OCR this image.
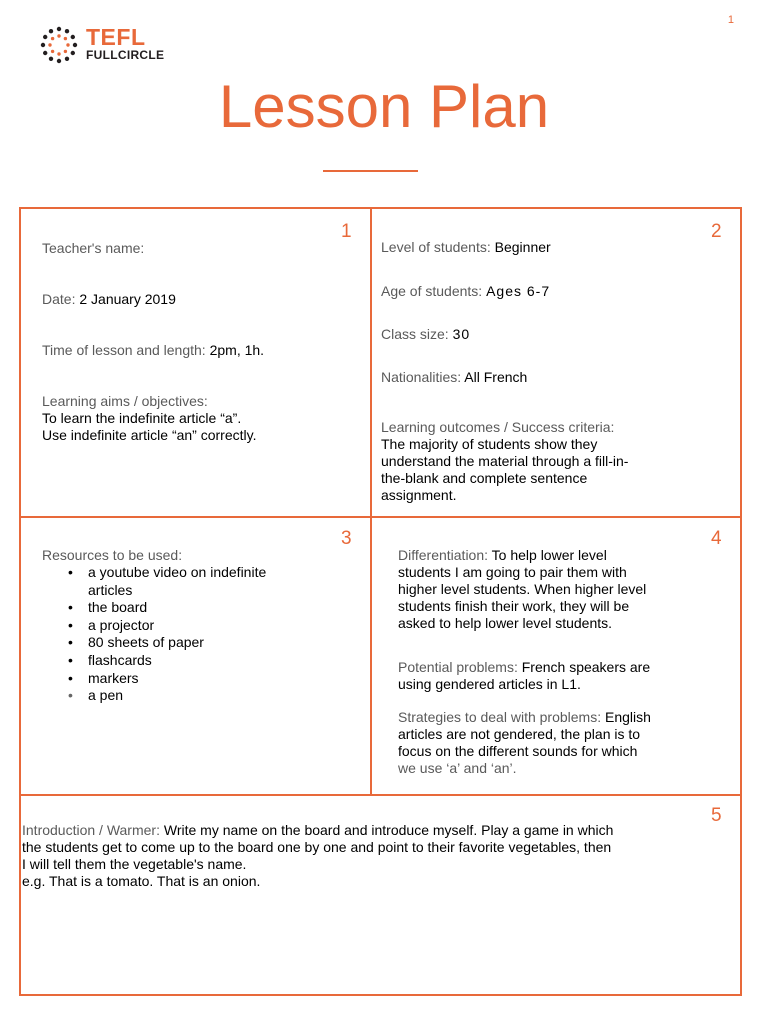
1
TEFL
FULLCIRCLE
Lesson Plan
1
Teacher's name:
Date: 2 January 2019
Time of lesson and length: 2pm, 1h.
Learning aims / objectives:
To learn the indefinite article “a”.
Use indefinite article “an” correctly.
2
Level of students: Beginner
Age of students: Ages 6-7
Class size: 30
Nationalities: All French
Learning outcomes / Success criteria:
The majority of students show they
understand the material through a fill-in-
the-blank and complete sentence
assignment.
3
Resources to be used:
• a youtube video on indefinite
articles
• the board
• a projector
• 80 sheets of paper
• flashcards
• markers
• a pen
4
Differentiation: To help lower level
students I am going to pair them with
higher level students. When higher level
students finish their work, they will be
asked to help lower level students.
Potential problems: French speakers are
using gendered articles in L1.
Strategies to deal with problems: English
articles are not gendered, the plan is to
focus on the different sounds for which
we use ‘a’ and ‘an’.
5
Introduction / Warmer: Write my name on the board and introduce myself. Play a game in which
the students get to come up to the board one by one and point to their favorite vegetables, then
I will tell them the vegetable's name.
e.g. That is a tomato. That is an onion.
